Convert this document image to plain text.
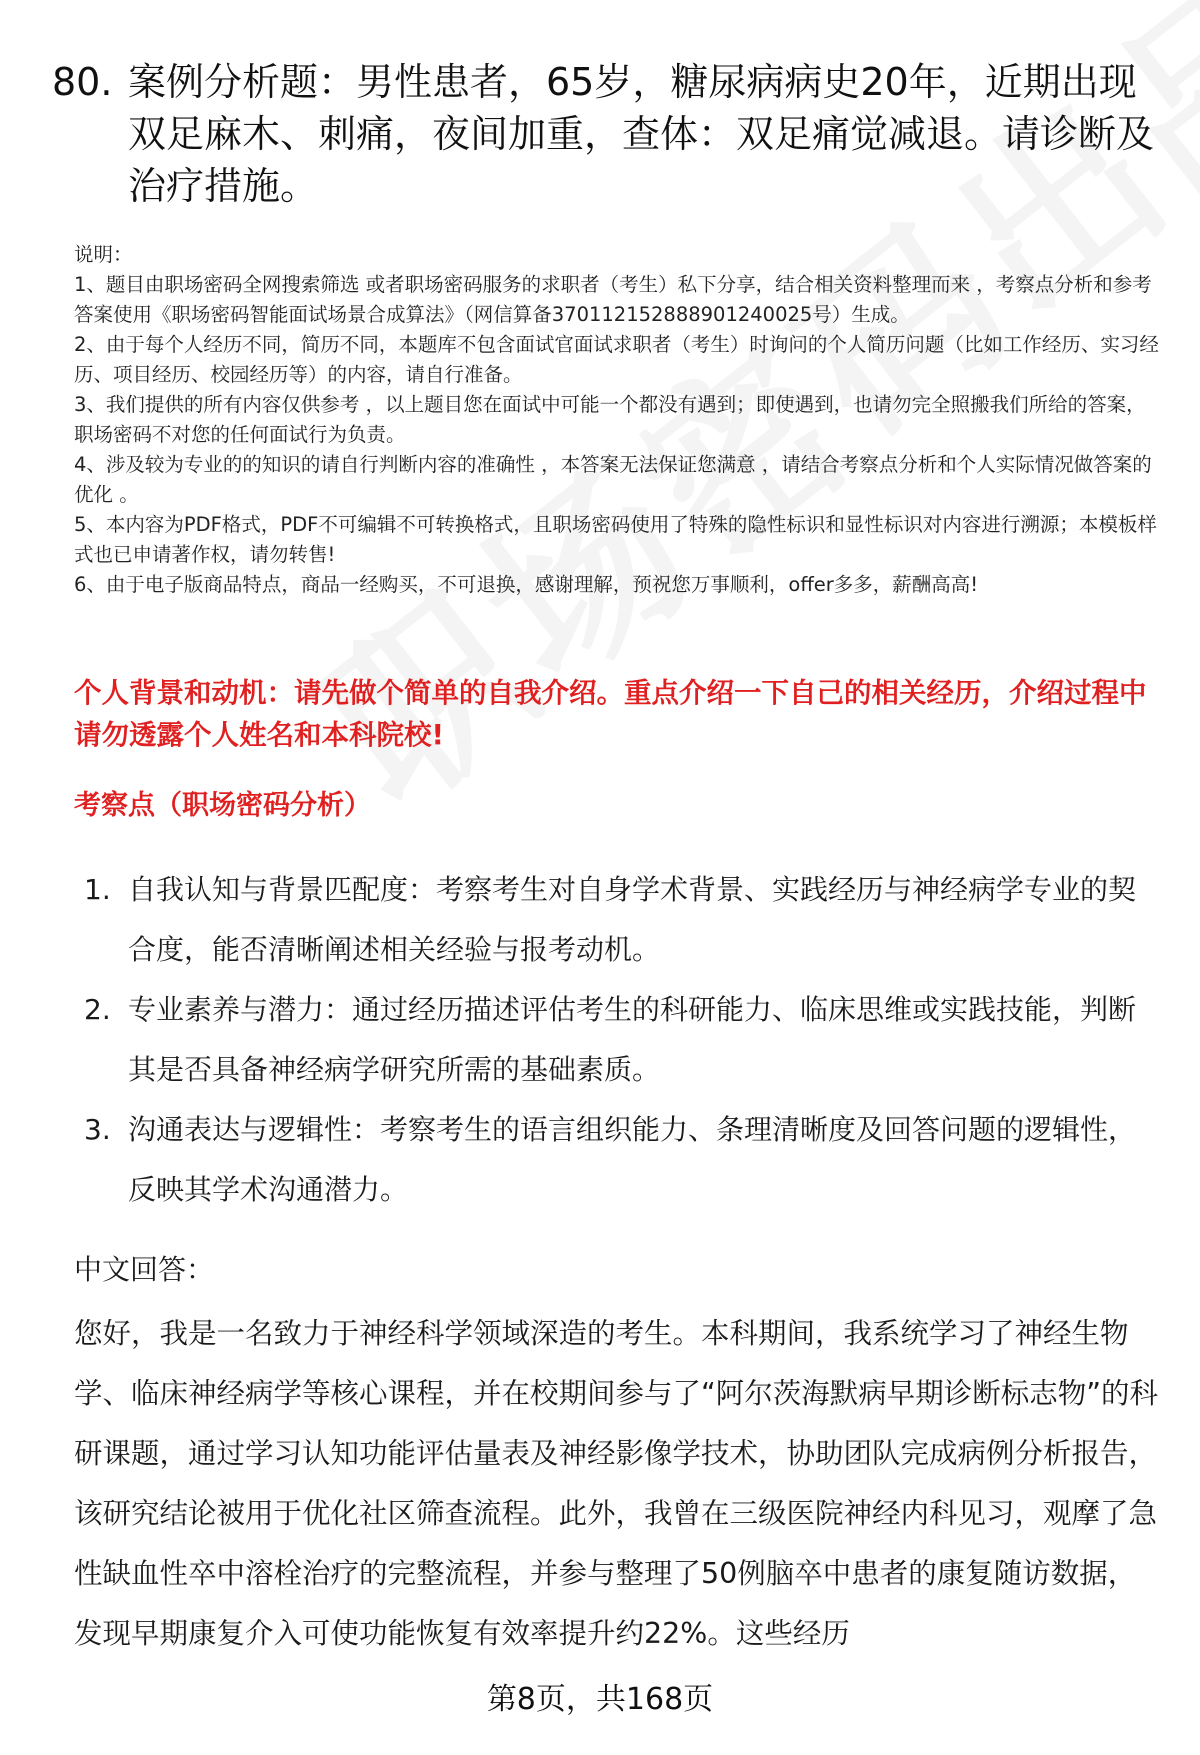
80. 案例分析题：男性患者，65岁，糖尿病病史20年，近期出现双足麻木、刺痛，夜间加重，查体：双足痛觉减退。请诊断及治疗措施。

说明：

1、题目由职场密码全网搜索筛选 或者职场密码服务的求职者（考生）私下分享，结合相关资料整理而来 ，考察点分析和参考答案使用《职场密码智能面试场景合成算法》（网信算备370112152888901240025号）生成。

2、由于每个人经历不同，简历不同，本题库不包含面试官面试求职者（考生）时询问的个人简历问题（比如工作经历、实习经历、项目经历、校园经历等）的内容，请自行准备。

3、我们提供的所有内容仅供参考 ，以上题目您在面试中可能一个都没有遇到；即使遇到，也请勿完全照搬我们所给的答案，职场密码不对您的任何面试行为负责。

4、涉及较为专业的的知识的请自行判断内容的准确性 ，本答案无法保证您满意 ，请结合考察点分析和个人实际情况做答案的优化 。

5、本内容为PDF格式，PDF不可编辑不可转换格式，且职场密码使用了特殊的隐性标识和显性标识对内容进行溯源；本模板样式也已申请著作权，请勿转售!

6、由于电子版商品特点，商品一经购买，不可退换，感谢理解，预祝您万事顺利，offer多多，薪酬高高!

个人背景和动机：请先做个简单的自我介绍。重点介绍一下自己的相关经历，介绍过程中请勿透露个人姓名和本科院校!
考察点（职场密码分析）
1. 自我认知与背景匹配度：考察考生对自身学术背景、实践经历与神经病学专业的契合度，能否清晰阐述相关经验与报考动机。
2. 专业素养与潜力：通过经历描述评估考生的科研能力、临床思维或实践技能，判断其是否具备神经病学研究所需的基础素质。
3. 沟通表达与逻辑性：考察考生的语言组织能力、条理清晰度及回答问题的逻辑性，反映其学术沟通潜力。
中文回答：

您好，我是一名致力于神经科学领域深造的考生。本科期间，我系统学习了神经生物学、临床神经病学等核心课程，并在校期间参与了“阿尔茨海默病早期诊断标志物”的科研课题，通过学习认知功能评估量表及神经影像学技术，协助团队完成病例分析报告，该研究结论被用于优化社区筛查流程。此外，我曾在三级医院神经内科见习，观摩了急性缺血性卒中溶栓治疗的完整流程，并参与整理了50例脑卒中患者的康复随访数据，发现早期康复介入可使功能恢复有效率提升约22%。这些经历

第8页，共168页
